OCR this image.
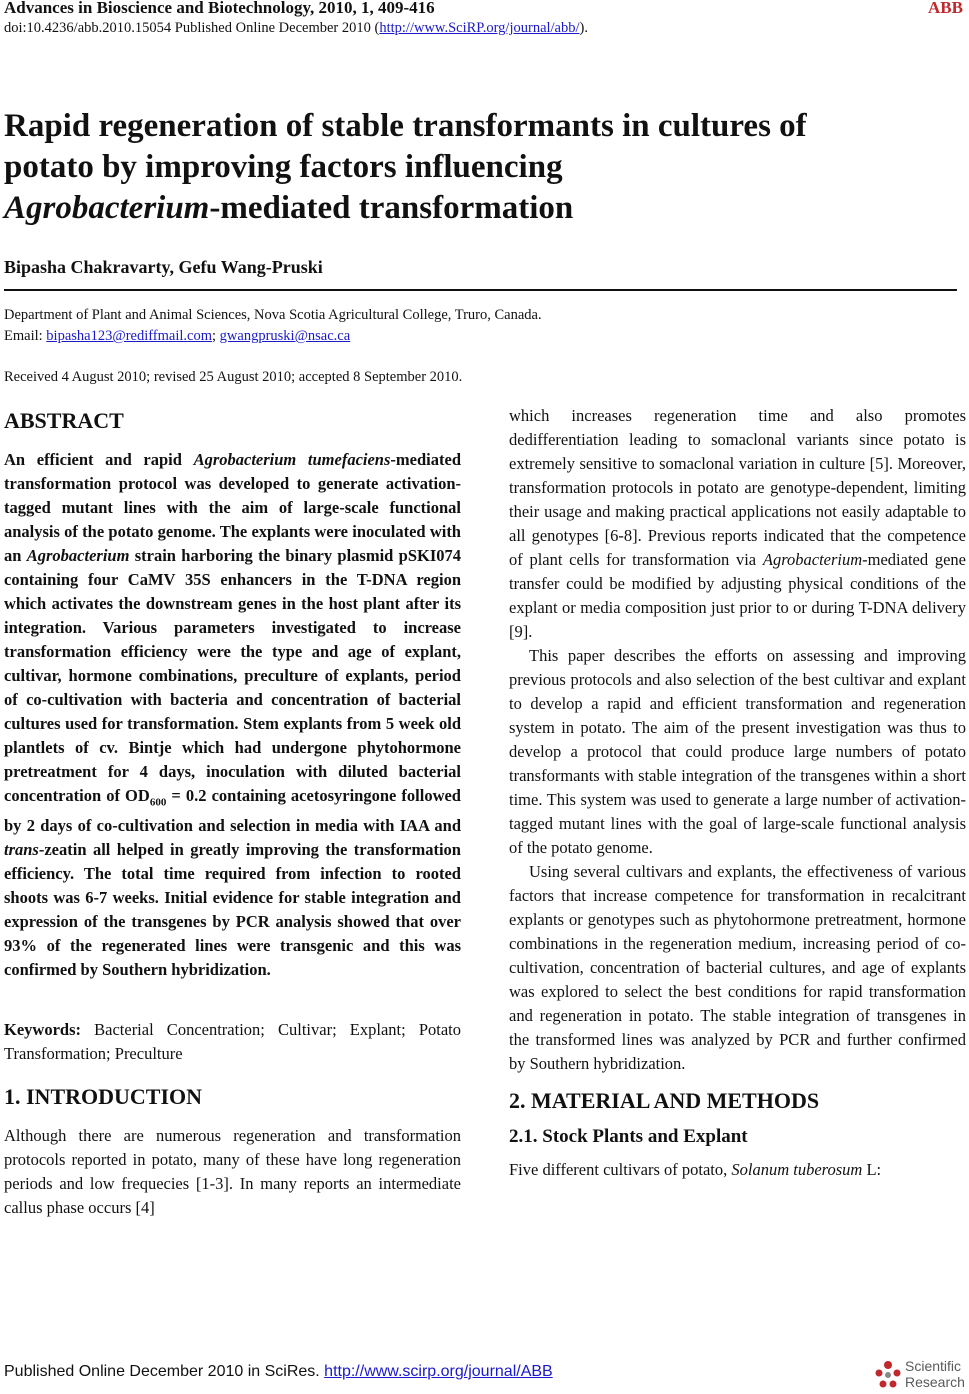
Advances in Bioscience and Biotechnology, 2010, 1, 409-416	ABB
doi:10.4236/abb.2010.15054 Published Online December 2010 (http://www.SciRP.org/journal/abb/).
Rapid regeneration of stable transformants in cultures of
potato by improving factors influencing
Agrobacterium-mediated transformation
Bipasha Chakravarty, Gefu Wang-Pruski
Department of Plant and Animal Sciences, Nova Scotia Agricultural College, Truro, Canada.
Email: bipasha123@rediffmail.com; gwangpruski@nsac.ca
Received 4 August 2010; revised 25 August 2010; accepted 8 September 2010.
ABSTRACT

An efficient and rapid Agrobacterium tumefaciens-mediated transformation protocol was developed to generate activation-tagged mutant lines with the aim of large-scale functional analysis of the potato genome. The explants were inoculated with an Agrobacterium strain harboring the binary plasmid pSKI074 containing four CaMV 35S enhancers in the T-DNA region which activates the downstream genes in the host plant after its integration. Various parameters investigated to increase transformation efficiency were the type and age of explant, cultivar, hormone combinations, preculture of explants, period of co-cultivation with bacteria and concentration of bacterial cultures used for transformation. Stem explants from 5 week old plantlets of cv. Bintje which had undergone phytohormone pretreatment for 4 days, inoculation with diluted bacterial concentration of $OD_{600} = 0.2$ containing acetosyringone followed by 2 days of co-cultivation and selection in media with IAA and trans-zeatin all helped in greatly improving the transformation efficiency. The total time required from infection to rooted shoots was 6-7 weeks. Initial evidence for stable integration and expression of the transgenes by PCR analysis showed that over 93% of the regenerated lines were transgenic and this was confirmed by Southern hybridization.

Keywords: Bacterial Concentration; Cultivar; Explant; Potato Transformation; Preculture

1. INTRODUCTION

Although there are numerous regeneration and transformation protocols reported in potato, many of these have long regeneration periods and low frequecies [1-3]. In many reports an intermediate callus phase occurs [4]

which increases regeneration time and also promotes dedifferentiation leading to somaclonal variants since potato is extremely sensitive to somaclonal variation in culture [5]. Moreover, transformation protocols in potato are genotype-dependent, limiting their usage and making practical applications not easily adaptable to all genotypes [6-8]. Previous reports indicated that the competence of plant cells for transformation via Agrobacterium-mediated gene transfer could be modified by adjusting physical conditions of the explant or media composition just prior to or during T-DNA delivery [9].

This paper describes the efforts on assessing and improving previous protocols and also selection of the best cultivar and explant to develop a rapid and efficient transformation and regeneration system in potato. The aim of the present investigation was thus to develop a protocol that could produce large numbers of potato transformants with stable integration of the transgenes within a short time. This system was used to generate a large number of activation-tagged mutant lines with the goal of large-scale functional analysis of the potato genome.

Using several cultivars and explants, the effectiveness of various factors that increase competence for transformation in recalcitrant explants or genotypes such as phytohormone pretreatment, hormone combinations in the regeneration medium, increasing period of co-cultivation, concentration of bacterial cultures, and age of explants was explored to select the best conditions for rapid transformation and regeneration in potato. The stable integration of transgenes in the transformed lines was analyzed by PCR and further confirmed by Southern hybridization.

2. MATERIAL AND METHODS
2.1. Stock Plants and Explant

Five different cultivars of potato, Solanum tuberosum L:

Published Online December 2010 in SciRes. http://www.scirp.org/journal/ABB	Scientific
Research
